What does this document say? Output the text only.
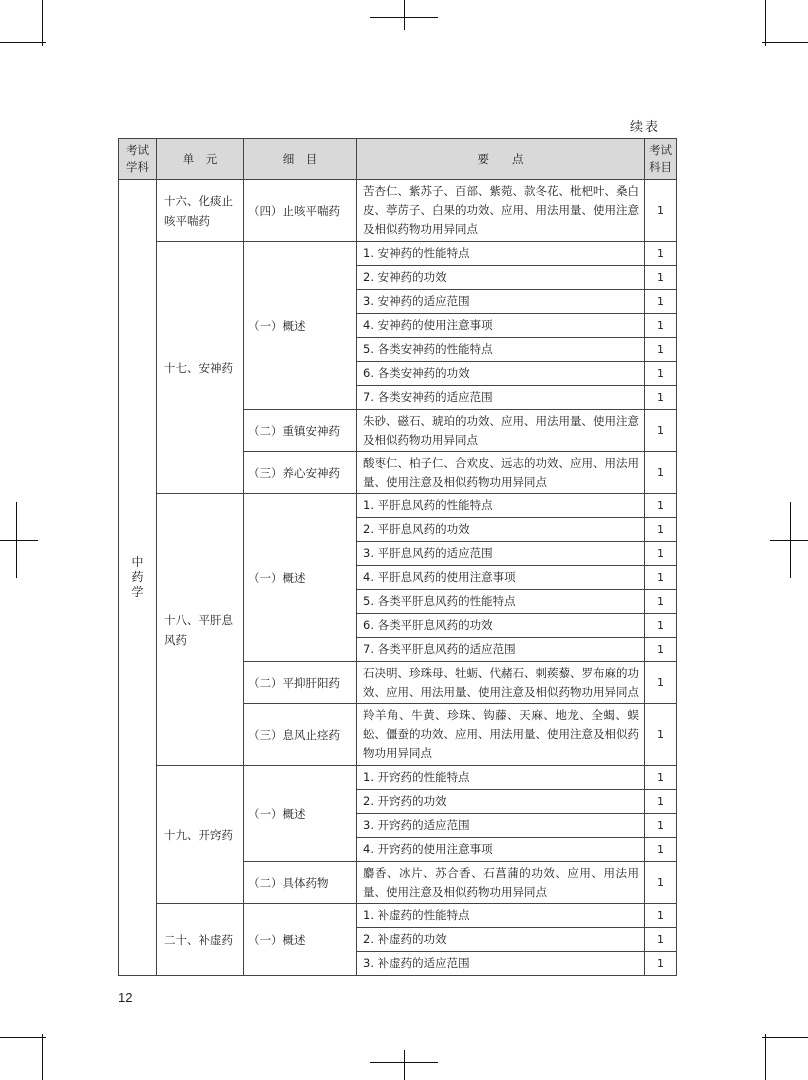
续表
考试
学科	单　元	细　目	要　　点	考试
科目

中药学	十六、化痰止咳平喘药	（四）止咳平喘药	苦杏仁、紫苏子、百部、紫菀、款冬花、枇杷叶、桑白皮、葶苈子、白果的功效、应用、用法用量、使用注意及相似药物功用异同点	1
	十七、安神药	（一）概述	1. 安神药的性能特点	1
			2. 安神药的功效	1
			3. 安神药的适应范围	1
			4. 安神药的使用注意事项	1
			5. 各类安神药的性能特点	1
			6. 各类安神药的功效	1
			7. 各类安神药的适应范围	1
		（二）重镇安神药	朱砂、磁石、琥珀的功效、应用、用法用量、使用注意及相似药物功用异同点	1
		（三）养心安神药	酸枣仁、柏子仁、合欢皮、远志的功效、应用、用法用量、使用注意及相似药物功用异同点	1
	十八、平肝息风药	（一）概述	1. 平肝息风药的性能特点	1
			2. 平肝息风药的功效	1
			3. 平肝息风药的适应范围	1
			4. 平肝息风药的使用注意事项	1
			5. 各类平肝息风药的性能特点	1
			6. 各类平肝息风药的功效	1
			7. 各类平肝息风药的适应范围	1
		（二）平抑肝阳药	石决明、珍珠母、牡蛎、代赭石、刺蒺藜、罗布麻的功效、应用、用法用量、使用注意及相似药物功用异同点	1
		（三）息风止痉药	羚羊角、牛黄、珍珠、钩藤、天麻、地龙、全蝎、蜈蚣、僵蚕的功效、应用、用法用量、使用注意及相似药物功用异同点	1
	十九、开窍药	（一）概述	1. 开窍药的性能特点	1
			2. 开窍药的功效	1
			3. 开窍药的适应范围	1
			4. 开窍药的使用注意事项	1
		（二）具体药物	麝香、冰片、苏合香、石菖蒲的功效、应用、用法用量、使用注意及相似药物功用异同点	1
	二十、补虚药	（一）概述	1. 补虚药的性能特点	1
			2. 补虚药的功效	1
			3. 补虚药的适应范围	1
12
